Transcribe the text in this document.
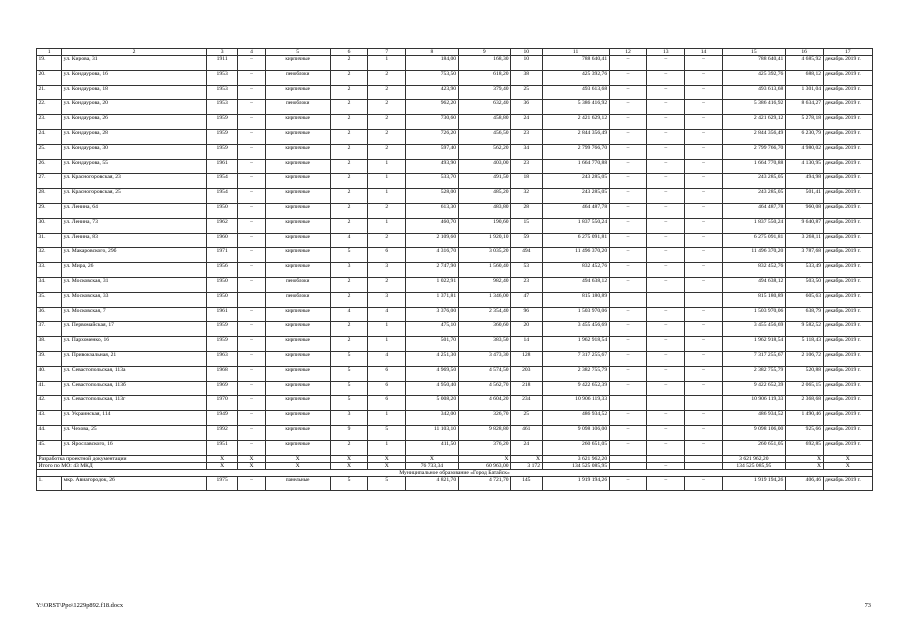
1	2	3	4	5	6	7	8	9	10	11	12	13	14	15	16	17
19.	ул. Кирова, 31	1911	–	кирпичные	2	1	184,00	168,30	10	788 640,41	–	–	–	788 640,41	4 685,92	декабрь 2019 г.
20.	ул. Кондаурова, 16	1953	–	пеноблоки	2	2	753,50	618,20	38	425 392,76	–	–	–	425 392,76	688,12	декабрь 2019 г.
21.	ул. Кондаурова, 18	1953	–	кирпичные	2	2	423,90	379,40	25	493 613,68	–	–	–	493 613,68	1 301,04	декабрь 2019 г.
22.	ул. Кондаурова, 20	1953	–	пеноблоки	2	2	962,20	632,40	36	5 386 416,92	–	–	–	5 386 416,92	8 634,27	декабрь 2019 г.
23.	ул. Кондаурова, 26	1959	–	кирпичные	2	2	730,60	458,80	24	2 421 629,12	–	–	–	2 421 629,12	5 278,18	декабрь 2019 г.
24.	ул. Кондаурова, 28	1959	–	кирпичные	2	2	726,20	456,50	23	2 844 356,49	–	–	–	2 844 356,49	6 230,79	декабрь 2019 г.
25.	ул. Кондаурова, 30	1959	–	кирпичные	2	2	597,40	562,20	34	2 799 766,70	–	–	–	2 799 766,70	4 980,02	декабрь 2019 г.
26.	ул. Кондаурова, 55	1961	–	кирпичные	2	1	493,90	403,00	23	1 664 770,88	–	–	–	1 664 770,88	4 130,95	декабрь 2019 г.
27.	ул. Красногоровская, 23	1954	–	кирпичные	2	1	533,70	491,50	18	243 285,05	–	–	–	243 285,05	494,98	декабрь 2019 г.
28.	ул. Красногоровская, 25	1954	–	кирпичные	2	1	528,00	485,20	32	243 285,05	–	–	–	243 285,05	501,41	декабрь 2019 г.
29.	ул. Ленина, 64	1950	–	кирпичные	2	2	613,30	483,80	28	464 487,78	–	–	–	464 487,78	960,08	декабрь 2019 г.
30.	ул. Ленина, 73	1962	–	кирпичные	2	1	460,70	190,60	15	1 837 550,24	–	–	–	1 837 550,24	9 640,87	декабрь 2019 г.
31.	ул. Ленина, 83	1960	–	кирпичные	4	2	2 109,60	1 920,10	59	6 275 091,81	–	–	–	6 275 091,81	3 268,11	декабрь 2019 г.
32.	ул. Макаровского, 29б	1971	–	кирпичные	5	6	4 316,70	3 035,20	494	11 496 370,20	–	–	–	11 496 370,20	3 787,68	декабрь 2019 г.
33.	ул. Мира, 26	1956	–	кирпичные	3	3	2 747,90	1 560,40	53	832 452,76	–	–	–	832 452,76	533,49	декабрь 2019 г.
34.	ул. Московская, 31	1950	–	пеноблоки	2	2	1 022,91	982,40	23	494 638,12	–	–	–	494 638,12	503,50	декабрь 2019 г.
35.	ул. Московская, 33	1950		пеноблоки	2	3	1 371,81	1 346,00	47	815 180,89				815 180,89	605,63	декабрь 2019 г.
36.	ул. Московская, 7	1961	–	кирпичные	4	4	3 376,00	2 354,40	96	1 503 970,06	–	–	–	1 503 970,06	638,79	декабрь 2019 г.
37.	ул. Первомайская, 17	1959	–	кирпичные	2	1	475,10	360,60	20	3 455 456,69	–	–	–	3 455 456,69	9 582,52	декабрь 2019 г.
38.	ул. Пархоменко, 16	1959	–	кирпичные	2	1	501,70	383,50	14	1 962 918,54	–	–	–	1 962 918,54	5 118,43	декабрь 2019 г.
39.	ул. Привокзальная, 21	1963	–	кирпичные	5	4	4 251,30	3 473,30	128	7 317 255,67	–	–	–	7 317 255,67	2 106,72	декабрь 2019 г.
40.	ул. Севастопольская, 113а	1968	–	кирпичные	5	6	4 969,50	4 574,50	203	2 382 755,79	–	–	–	2 382 755,79	520,88	декабрь 2019 г.
41.	ул. Севастопольская, 113б	1969	–	кирпичные	5	6	4 950,40	4 562,70	218	9 422 652,39	–	–	–	9 422 652,39	2 065,15	декабрь 2019 г.
42.	ул. Севастопольская, 113г	1970	–	кирпичные	5	6	5 008,20	4 604,20	234	10 906 119,33				10 906 119,33	2 368,68	декабрь 2019 г.
43.	ул. Украинская, 114	1949	–	кирпичные	3	1	342,00	326,70	25	486 934,52	–	–	–	486 934,52	1 490,46	декабрь 2019 г.
44.	ул. Чехова, 25	1992	–	кирпичные	9	5	11 103,10	9 828,80	461	9 098 106,00	–	–	–	9 098 106,00	925,66	декабрь 2019 г.
45.	ул. Ярославского, 16	1951	–	кирпичные	2	1	411,50	376,20	24	260 651,05	–	–	–	260 651,05	692,85	декабрь 2019 г.
Разработка проектной документации		X	X	X	X	X	X	X	X	3 621 962,20				3 621 962,20	X	X
Итого по МО: 43 МКД		X	X	X	X	X	76 733,34	60 963,00	3 172	134 525 085,95		–		134 525 085,95	X	X
Муниципальное образование «Город Батайск»																
1.	мкр. Авиагородок, 26	1975	–	панельные	5	5	4 821,70	4 721,70	145	1 919 194,26	–	–	–	1 919 194,26	406,46	декабрь 2019 г.
Y:\ORST\Ppo\1229p892.f18.docx	73
